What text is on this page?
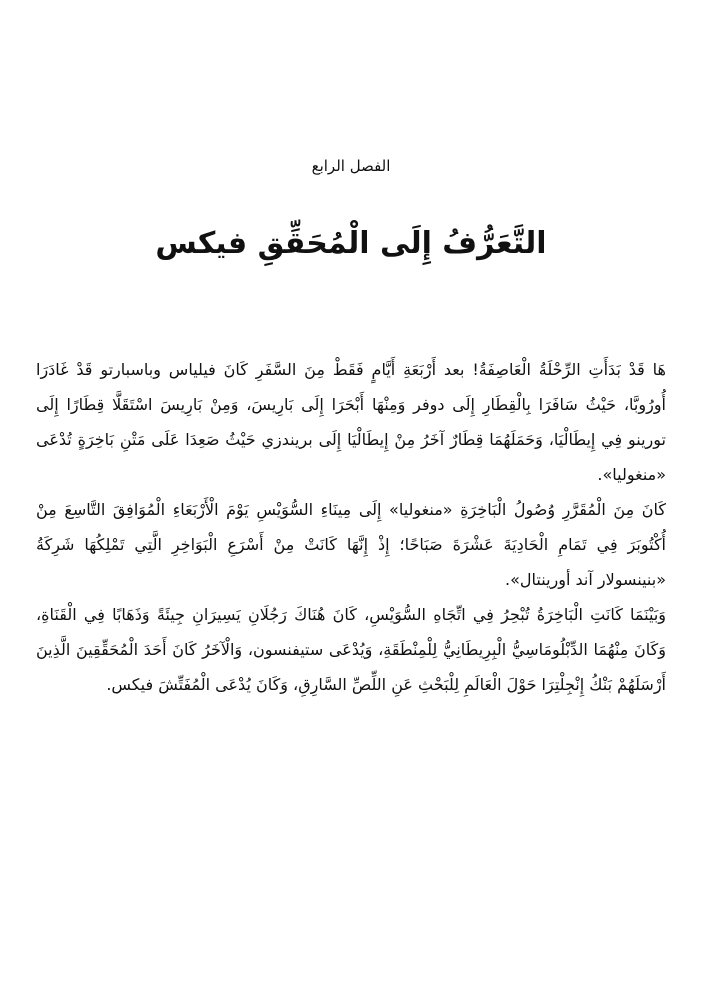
الفصل الرابع
التَّعَرُّفُ إِلَى الْمُحَقِّقِ فيكس

هَا قَدْ بَدَأَتِ الرِّحْلَةُ الْعَاصِفَةُ! بعد أَرْبَعَةِ أَيَّامٍ فَقَطْ مِنَ السَّفَرِ كَانَ فيلياس وباسبارتو قَدْ غَادَرَا أُورُوبَّا، حَيْثُ سَافَرَا بِالْقِطَارِ إِلَى دوفر وَمِنْهَا أَبْحَرَا إِلَى بَارِيسَ، وَمِنْ بَارِيسَ اسْتَقَلَّا قِطَارًا إِلَى تورينو فِي إِيطَالْيَا، وَحَمَلَهُمَا قِطَارٌ آخَرُ مِنْ إِيطَالْيَا إِلَى بريندزي حَيْثُ صَعِدَا عَلَى مَتْنِ بَاخِرَةٍ تُدْعَى «منغوليا».

كَانَ مِنَ الْمُقَرَّرِ وُصُولُ الْبَاخِرَةِ «منغوليا» إِلَى مِينَاءِ السُّوَيْسِ يَوْمَ الْأَرْبَعَاءِ الْمُوَافِقَ التَّاسِعَ مِنْ أُكْتُوبَرَ فِي تَمَامِ الْحَادِيَةَ عَشْرَةَ صَبَاحًا؛ إِذْ إِنَّهَا كَانَتْ مِنْ أَسْرَعِ الْبَوَاخِرِ الَّتِي تَمْلِكُهَا شَرِكَةُ «بنينسولار آند أورينتال».

وَبَيْنَمَا كَانَتِ الْبَاخِرَةُ تُبْحِرُ فِي اتِّجَاهِ السُّوَيْسِ، كَانَ هُنَاكَ رَجُلَانِ يَسِيرَانِ جِيئَةً وَذَهَابًا فِي الْقَنَاةِ، وَكَانَ مِنْهُمَا الدِّبْلُومَاسِيُّ الْبِرِيطَانِيُّ لِلْمِنْطَقَةِ، وَيُدْعَى ستيفنسون، وَالْآخَرُ كَانَ أَحَدَ الْمُحَقِّقِينَ الَّذِينَ أَرْسَلَهُمْ بَنْكُ إِنْجِلْتِرَا حَوْلَ الْعَالَمِ لِلْبَحْثِ عَنِ اللِّصِّ السَّارِقِ، وَكَانَ يُدْعَى الْمُفَتِّشَ فيكس.
